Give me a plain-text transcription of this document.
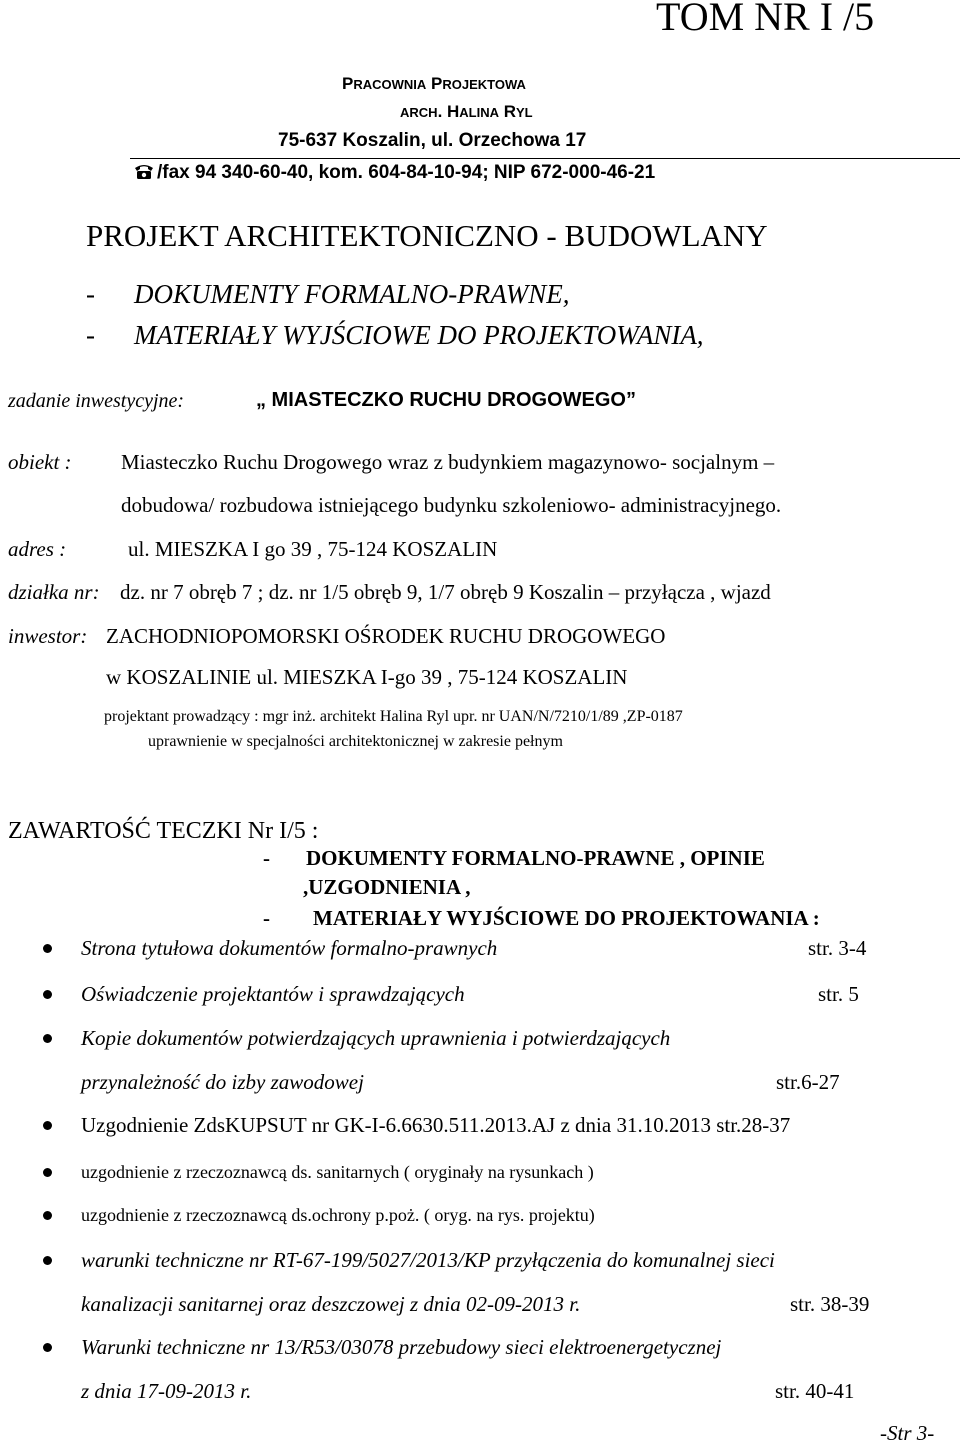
TOM NR I /5
PRACOWNIA PROJEKTOWA
ARCH. HALINA RYL
75-637 Koszalin, ul. Orzechowa 17
/fax 94 340-60-40, kom. 604-84-10-94; NIP 672-000-46-21
PROJEKT ARCHITEKTONICZNO - BUDOWLANY
- DOKUMENTY FORMALNO-PRAWNE,
- MATERIAŁY WYJŚCIOWE DO PROJEKTOWANIA,
zadanie inwestycyjne:	„ MIASTECZKO RUCHU DROGOWEGO”
obiekt : Miasteczko Ruchu Drogowego wraz z budynkiem magazynowo- socjalnym –
dobudowa/ rozbudowa istniejącego budynku szkoleniowo- administracyjnego.
adres :	ul. MIESZKA I go 39 , 75-124 KOSZALIN
działka nr: dz. nr 7 obręb 7 ; dz. nr 1/5 obręb 9, 1/7 obręb 9 Koszalin – przyłącza , wjazd
inwestor: ZACHODNIOPOMORSKI OŚRODEK RUCHU DROGOWEGO
w KOSZALINIE ul. MIESZKA I-go 39 , 75-124 KOSZALIN
projektant prowadzący : mgr inż. architekt Halina Ryl upr. nr UAN/N/7210/1/89 ,ZP-0187
uprawnienie w specjalności architektonicznej w zakresie pełnym
ZAWARTOŚĆ TECZKI Nr I/5 :
- DOKUMENTY FORMALNO-PRAWNE , OPINIE
,UZGODNIENIA ,
- MATERIAŁY WYJŚCIOWE DO PROJEKTOWANIA :
Strona tytułowa dokumentów formalno-prawnych	str. 3-4
Oświadczenie projektantów i sprawdzających	str. 5
Kopie dokumentów potwierdzających uprawnienia i potwierdzających
przynależność do izby zawodowej	str.6-27
Uzgodnienie ZdsKUPSUT nr GK-I-6.6630.511.2013.AJ z dnia 31.10.2013 str.28-37
uzgodnienie z rzeczoznawcą ds. sanitarnych ( oryginały na rysunkach )
uzgodnienie z rzeczoznawcą ds.ochrony p.poż. ( oryg. na rys. projektu)
warunki techniczne nr RT-67-199/5027/2013/KP przyłączenia do komunalnej sieci
kanalizacji sanitarnej oraz deszczowej z dnia 02-09-2013 r.	str. 38-39
Warunki techniczne nr 13/R53/03078 przebudowy sieci elektroenergetycznej
z dnia 17-09-2013 r.	str. 40-41
-Str 3-
